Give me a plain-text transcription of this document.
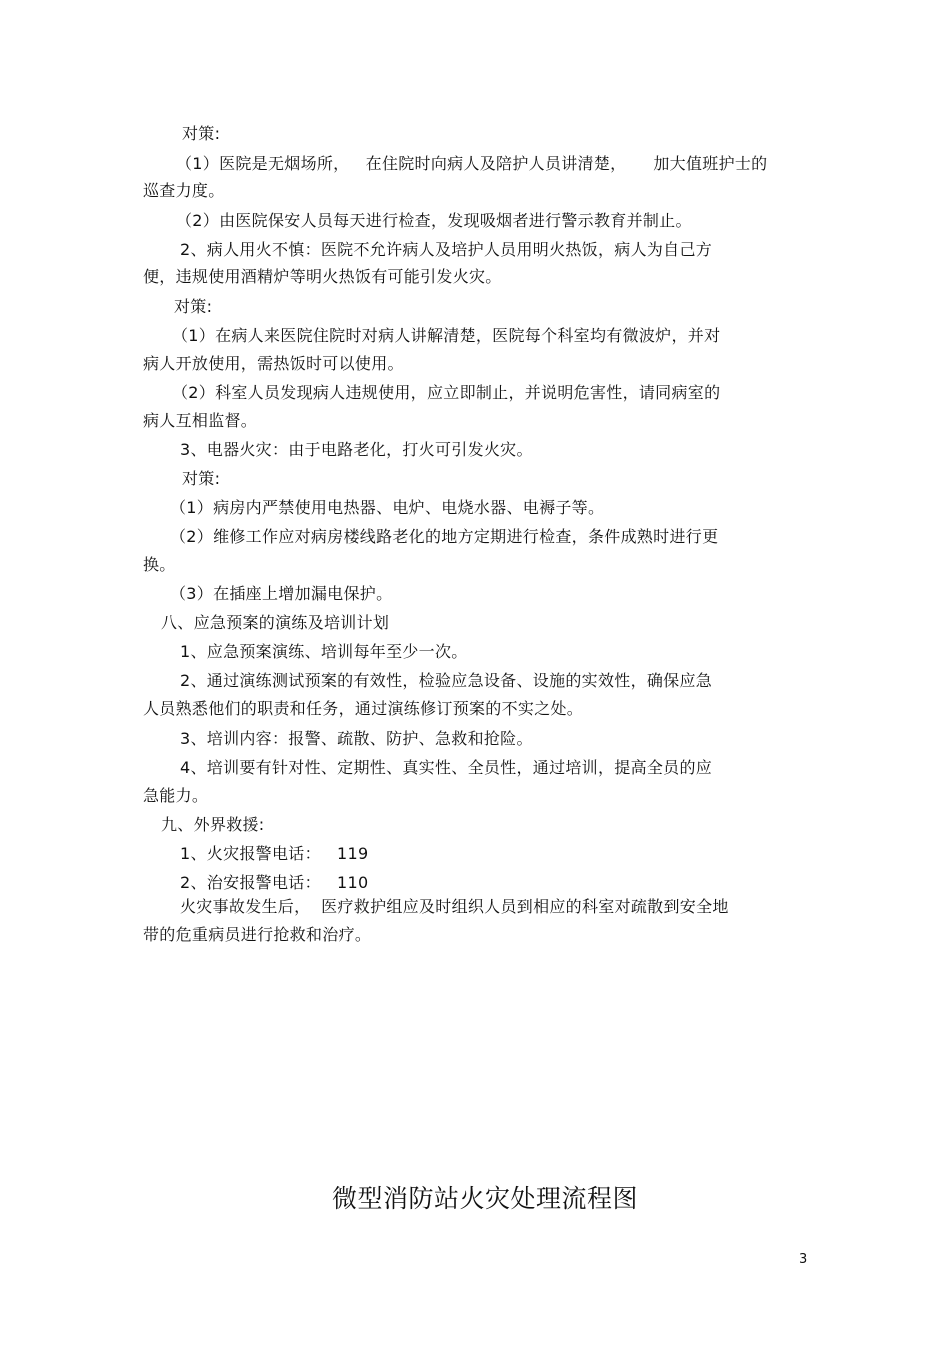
对策:
（1）医院是无烟场所，   在住院时向病人及陪护人员讲清楚，     加大值班护士的
巡查力度。
（2）由医院保安人员每天进行检查，发现吸烟者进行警示教育并制止。
2、病人用火不慎：医院不允许病人及培护人员用明火热饭，病人为自己方
便，违规使用酒精炉等明火热饭有可能引发火灾。
对策:
（1）在病人来医院住院时对病人讲解清楚，医院每个科室均有微波炉，并对
病人开放使用，需热饭时可以使用。
（2）科室人员发现病人违规使用，应立即制止，并说明危害性，请同病室的
病人互相监督。
3、电器火灾：由于电路老化，打火可引发火灾。
对策:
（1）病房内严禁使用电热器、电炉、电烧水器、电褥子等。
（2）维修工作应对病房楼线路老化的地方定期进行检查，条件成熟时进行更
换。
（3）在插座上增加漏电保护。
八、应急预案的演练及培训计划
1、应急预案演练、培训每年至少一次。
2、通过演练测试预案的有效性，检验应急设备、设施的实效性，确保应急
人员熟悉他们的职责和任务，通过演练修订预案的不实之处。
3、培训内容：报警、疏散、防护、急救和抢险。
4、培训要有针对性、定期性、真实性、全员性，通过培训，提高全员的应
急能力。
九、外界救援:
1、火灾报警电话：   119
2、治安报警电话：   110
火灾事故发生后，  医疗救护组应及时组织人员到相应的科室对疏散到安全地
带的危重病员进行抢救和治疗。
微型消防站火灾处理流程图
3
